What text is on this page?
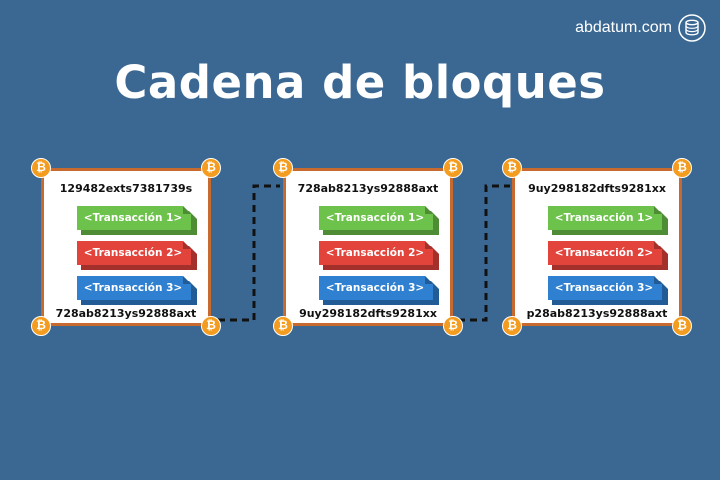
abdatum.com
Cadena de bloques
₿	₿
₿	₿
129482exts7381739s
<Transacción 1>
<Transacción 2>
<Transacción 3>
728ab8213ys92888axt
₿	₿
₿	₿
728ab8213ys92888axt
<Transacción 1>
<Transacción 2>
<Transacción 3>
9uy298182dfts9281xx
₿	₿
₿	₿
9uy298182dfts9281xx
<Transacción 1>
<Transacción 2>
<Transacción 3>
p28ab8213ys92888axt
